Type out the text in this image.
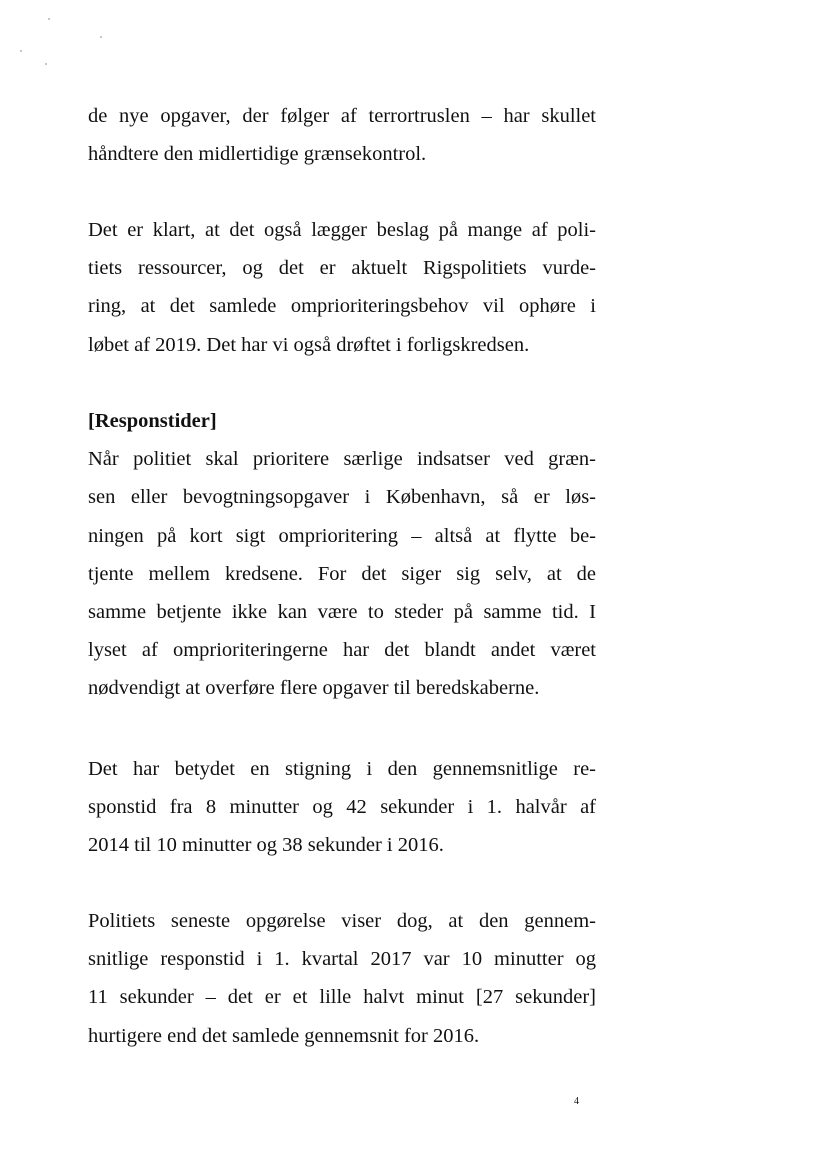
de nye opgaver, der følger af terrortruslen – har skullet
håndtere den midlertidige grænsekontrol.
Det er klart, at det også lægger beslag på mange af poli-
tiets ressourcer, og det er aktuelt Rigspolitiets vurde-
ring, at det samlede omprioriteringsbehov vil ophøre i
løbet af 2019. Det har vi også drøftet i forligskredsen.
[Responstider]
Når politiet skal prioritere særlige indsatser ved græn-
sen eller bevogtningsopgaver i København, så er løs-
ningen på kort sigt omprioritering – altså at flytte be-
tjente mellem kredsene. For det siger sig selv, at de
samme betjente ikke kan være to steder på samme tid. I
lyset af omprioriteringerne har det blandt andet været
nødvendigt at overføre flere opgaver til beredskaberne.
Det har betydet en stigning i den gennemsnitlige re-
sponstid fra 8 minutter og 42 sekunder i 1. halvår af
2014 til 10 minutter og 38 sekunder i 2016.
Politiets seneste opgørelse viser dog, at den gennem-
snitlige responstid i 1. kvartal 2017 var 10 minutter og
11 sekunder – det er et lille halvt minut [27 sekunder]
hurtigere end det samlede gennemsnit for 2016.
4
